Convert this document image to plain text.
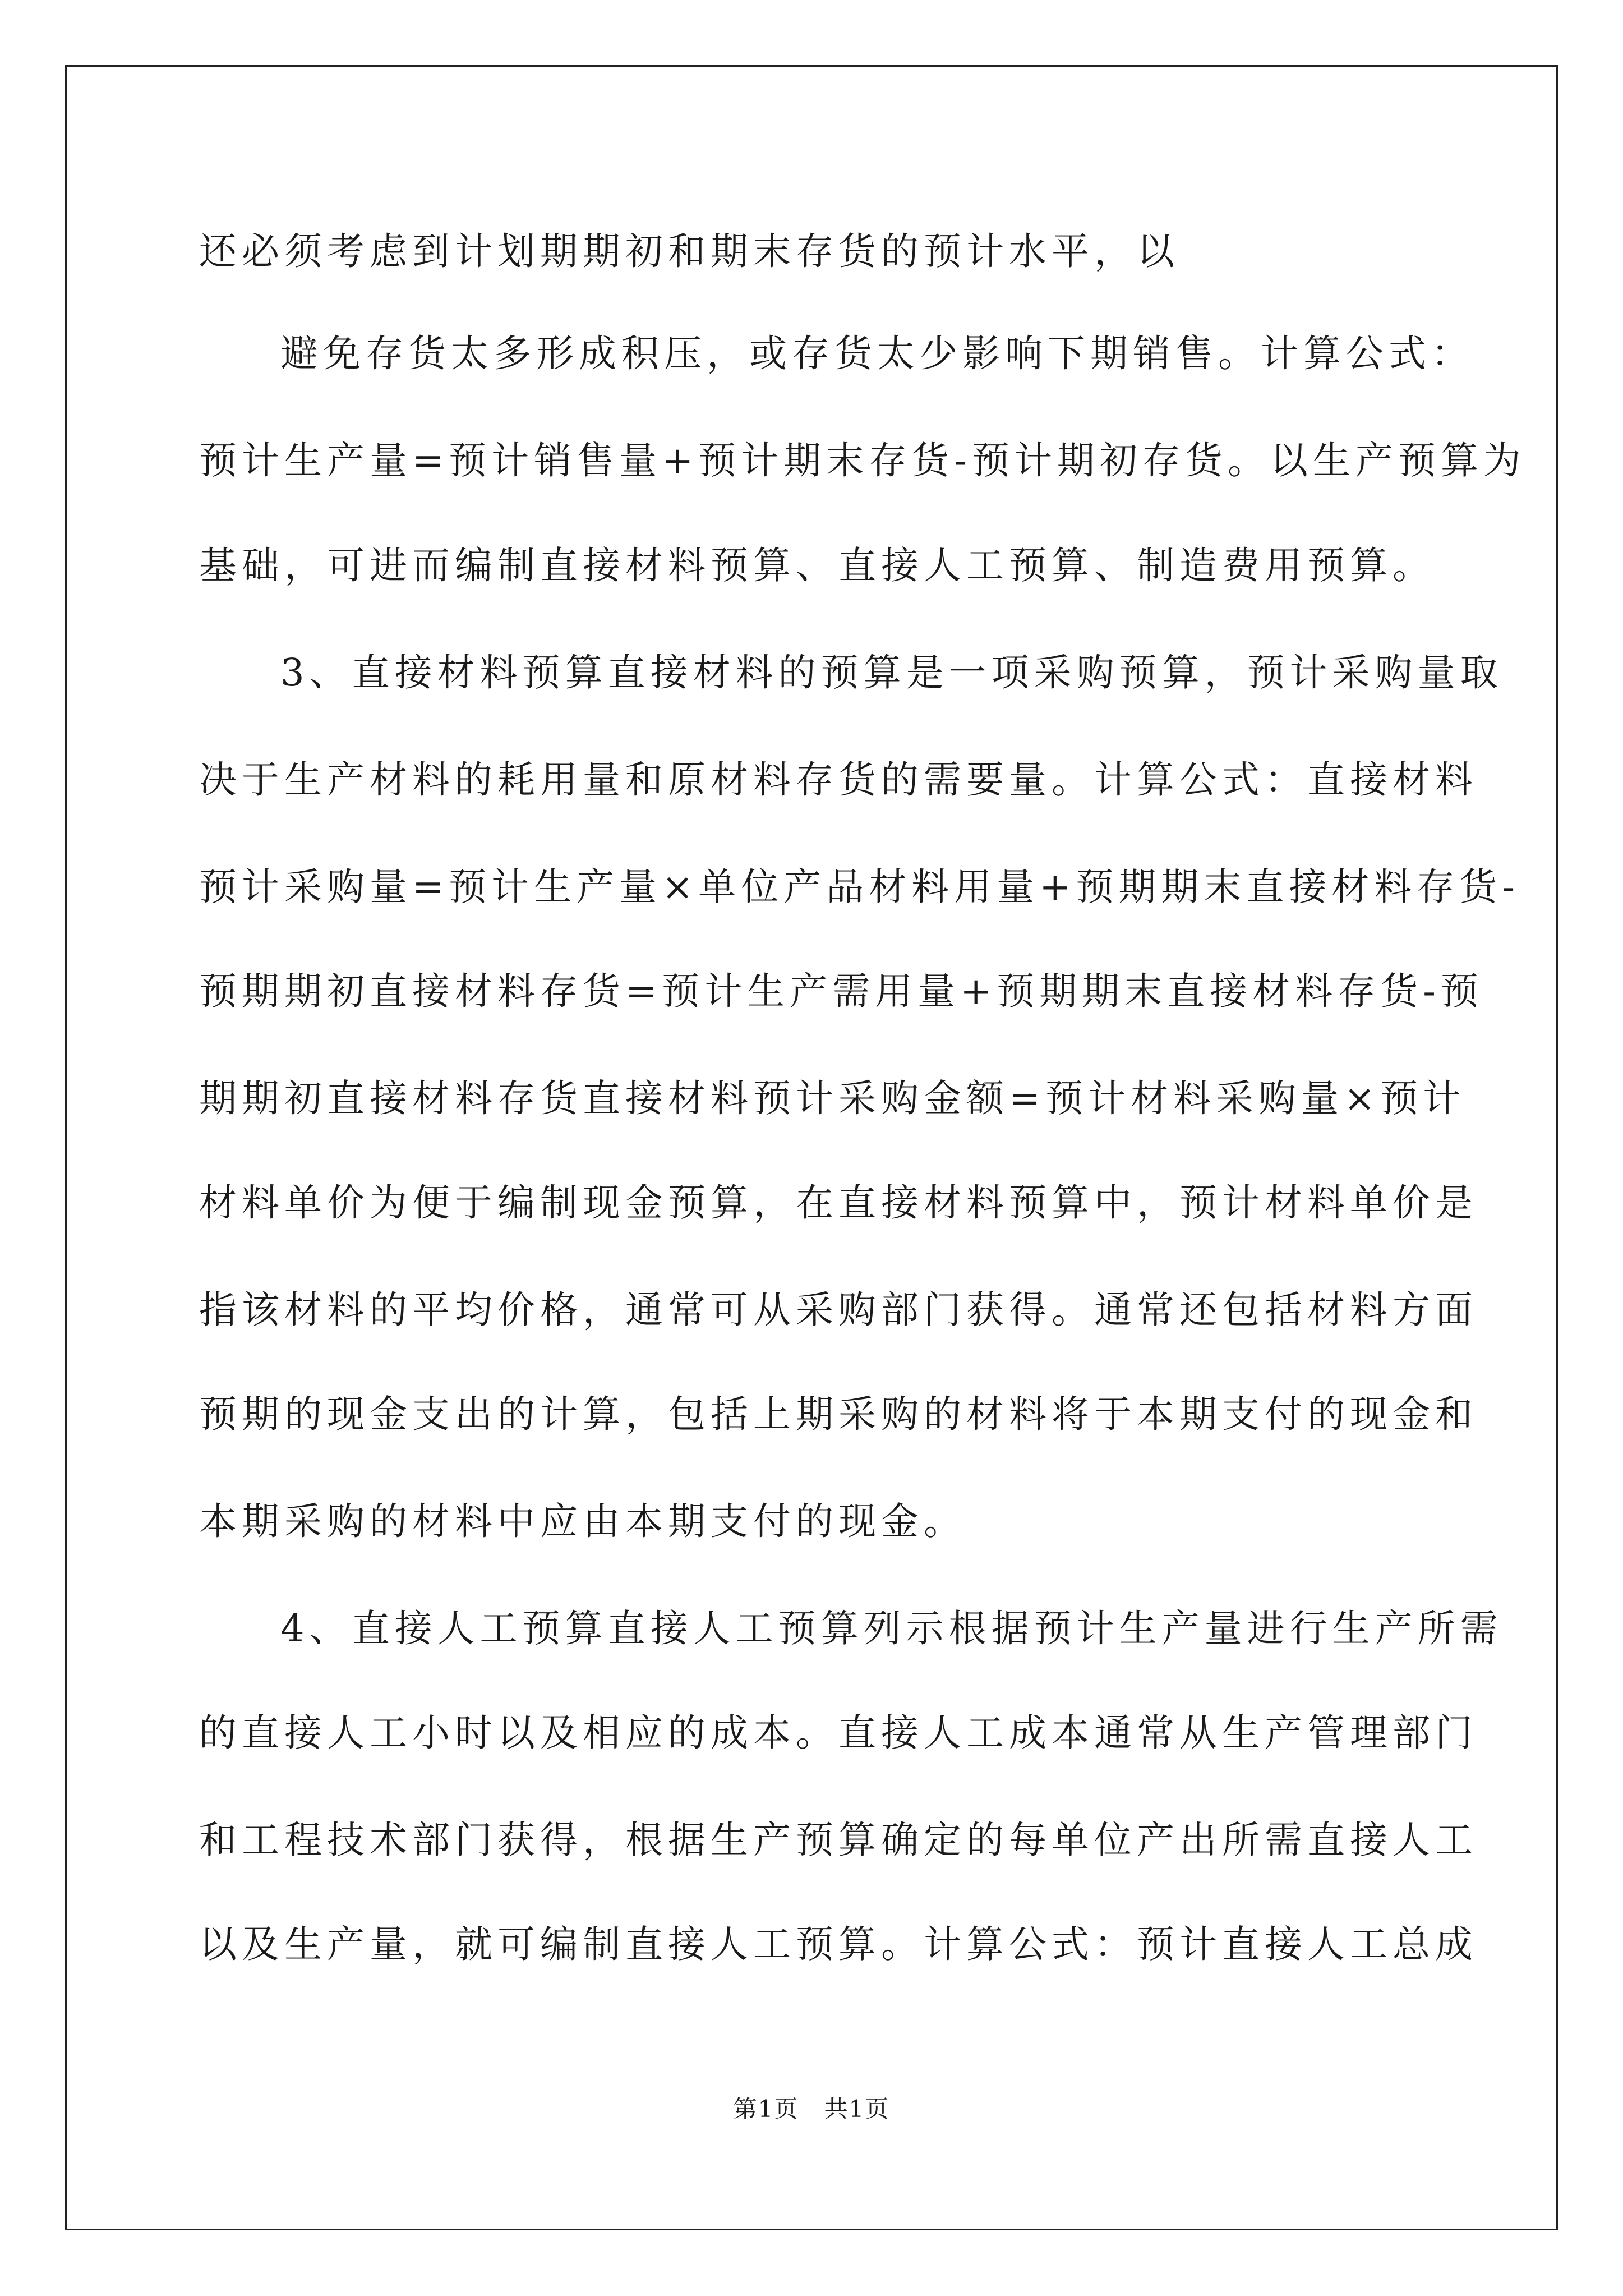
还必须考虑到计划期期初和期末存货的预计水平，以
避免存货太多形成积压，或存货太少影响下期销售。计算公式：
预计生产量=预计销售量+预计期末存货-预计期初存货。以生产预算为
基础，可进而编制直接材料预算、直接人工预算、制造费用预算。
3、直接材料预算直接材料的预算是一项采购预算，预计采购量取
决于生产材料的耗用量和原材料存货的需要量。计算公式：直接材料
预计采购量=预计生产量×单位产品材料用量+预期期末直接材料存货-
预期期初直接材料存货=预计生产需用量+预期期末直接材料存货-预
期期初直接材料存货直接材料预计采购金额=预计材料采购量×预计
材料单价为便于编制现金预算，在直接材料预算中，预计材料单价是
指该材料的平均价格，通常可从采购部门获得。通常还包括材料方面
预期的现金支出的计算，包括上期采购的材料将于本期支付的现金和
本期采购的材料中应由本期支付的现金。
4、直接人工预算直接人工预算列示根据预计生产量进行生产所需
的直接人工小时以及相应的成本。直接人工成本通常从生产管理部门
和工程技术部门获得，根据生产预算确定的每单位产出所需直接人工
以及生产量，就可编制直接人工预算。计算公式：预计直接人工总成
第1页 共1页
